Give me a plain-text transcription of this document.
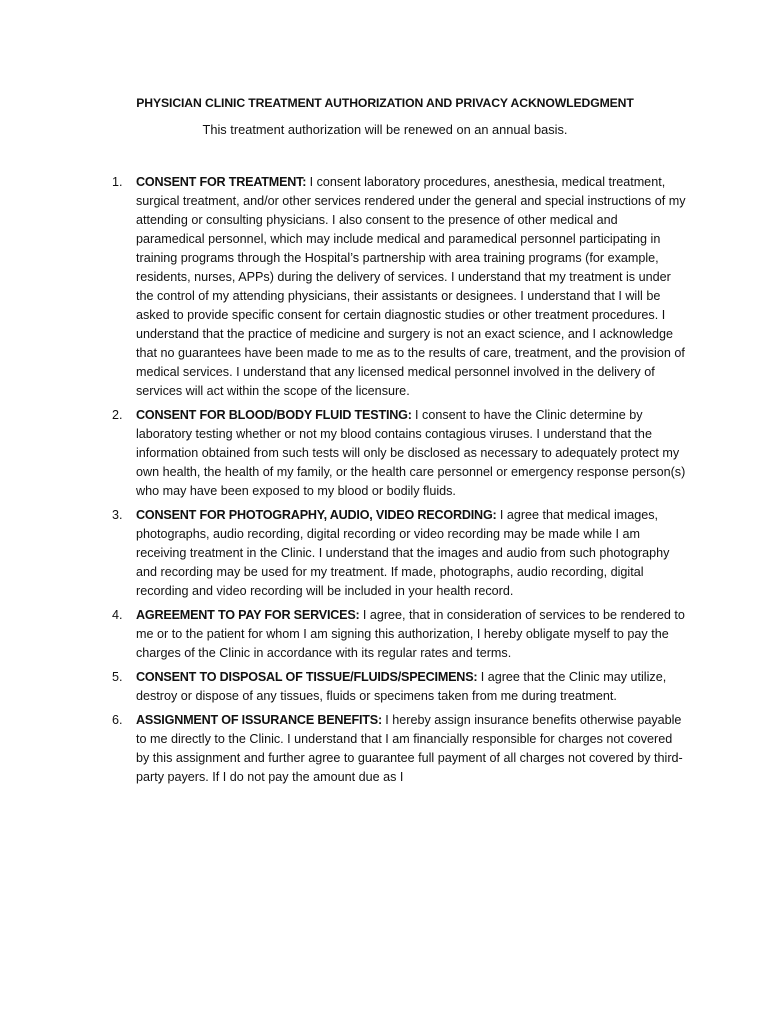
PHYSICIAN CLINIC TREATMENT AUTHORIZATION AND PRIVACY ACKNOWLEDGMENT
This treatment authorization will be renewed on an annual basis.
1.	CONSENT FOR TREATMENT: I consent laboratory procedures, anesthesia, medical treatment, surgical treatment, and/or other services rendered under the general and special instructions of my attending or consulting physicians. I also consent to the presence of other medical and paramedical personnel, which may include medical and paramedical personnel participating in training programs through the Hospital’s partnership with area training programs (for example, residents, nurses, APPs) during the delivery of services. I understand that my treatment is under the control of my attending physicians, their assistants or designees. I understand that I will be asked to provide specific consent for certain diagnostic studies or other treatment procedures. I understand that the practice of medicine and surgery is not an exact science, and I acknowledge that no guarantees have been made to me as to the results of care, treatment, and the provision of medical services. I understand that any licensed medical personnel involved in the delivery of services will act within the scope of the licensure.
2.	CONSENT FOR BLOOD/BODY FLUID TESTING: I consent to have the Clinic determine by laboratory testing whether or not my blood contains contagious viruses. I understand that the information obtained from such tests will only be disclosed as necessary to adequately protect my own health, the health of my family, or the health care personnel or emergency response person(s) who may have been exposed to my blood or bodily fluids.
3.	CONSENT FOR PHOTOGRAPHY, AUDIO, VIDEO RECORDING: I agree that medical images, photographs, audio recording, digital recording or video recording may be made while I am receiving treatment in the Clinic. I understand that the images and audio from such photography and recording may be used for my treatment. If made, photographs, audio recording, digital recording and video recording will be included in your health record.
4.	AGREEMENT TO PAY FOR SERVICES: I agree, that in consideration of services to be rendered to me or to the patient for whom I am signing this authorization, I hereby obligate myself to pay the charges of the Clinic in accordance with its regular rates and terms.
5.	CONSENT TO DISPOSAL OF TISSUE/FLUIDS/SPECIMENS: I agree that the Clinic may utilize, destroy or dispose of any tissues, fluids or specimens taken from me during treatment.
6.	ASSIGNMENT OF ISSURANCE BENEFITS: I hereby assign insurance benefits otherwise payable to me directly to the Clinic. I understand that I am financially responsible for charges not covered by this assignment and further agree to guarantee full payment of all charges not covered by third-party payers. If I do not pay the amount due as I
